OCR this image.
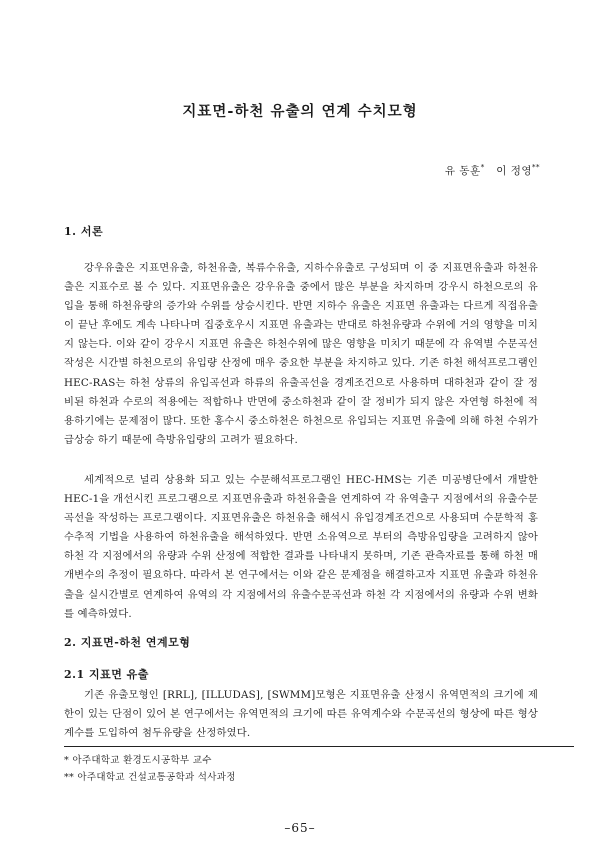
지표면-하천 유출의 연계 수치모형
유 동훈* 이 정영**
1. 서론

강우유출은 지표면유출, 하천유출, 복류수유출, 지하수유출로 구성되며 이 중 지표면유출과 하천유출은 지표수로 볼 수 있다. 지표면유출은 강우유출 중에서 많은 부분을 차지하며 강우시 하천으로의 유입을 통해 하천유량의 증가와 수위를 상승시킨다. 반면 지하수 유출은 지표면 유출과는 다르게 직접유출이 끝난 후에도 계속 나타나며 집중호우시 지표면 유출과는 반대로 하천유량과 수위에 거의 영향을 미치지 않는다. 이와 같이 강우시 지표면 유출은 하천수위에 많은 영향을 미치기 때문에 각 유역별 수문곡선 작성은 시간별 하천으로의 유입량 산정에 매우 중요한 부분을 차지하고 있다. 기존 하천 해석프로그램인 HEC-RAS는 하천 상류의 유입곡선과 하류의 유출곡선을 경계조건으로 사용하며 대하천과 같이 잘 정비된 하천과 수로의 적용에는 적합하나 반면에 중소하천과 같이 잘 정비가 되지 않은 자연형 하천에 적용하기에는 문제점이 많다. 또한 홍수시 중소하천은 하천으로 유입되는 지표면 유출에 의해 하천 수위가 급상승 하기 때문에 측방유입량의 고려가 필요하다.

세계적으로 널리 상용화 되고 있는 수문해석프로그램인 HEC-HMS는 기존 미공병단에서 개발한 HEC-1을 개선시킨 프로그램으로 지표면유출과 하천유출을 연계하여 각 유역출구 지점에서의 유출수문곡선을 작성하는 프로그램이다. 지표면유출은 하천유출 해석시 유입경계조건으로 사용되며 수문학적 홍수추적 기법을 사용하여 하천유출을 해석하였다. 반면 소유역으로 부터의 측방유입량을 고려하지 않아 하천 각 지점에서의 유량과 수위 산정에 적합한 결과를 나타내지 못하며, 기존 관측자료를 통해 하천 매개변수의 추정이 필요하다. 따라서 본 연구에서는 이와 같은 문제점을 해결하고자 지표면 유출과 하천유출을 실시간별로 연계하여 유역의 각 지점에서의 유출수문곡선과 하천 각 지점에서의 유량과 수위 변화를 예측하였다.

2. 지표면-하천 연계모형
2.1 지표면 유출

기존 유출모형인 [RRL], [ILLUDAS], [SWMM]모형은 지표면유출 산정시 유역면적의 크기에 제한이 있는 단점이 있어 본 연구에서는 유역면적의 크기에 따른 유역계수와 수문곡선의 형상에 따른 형상계수를 도입하여 첨두유량을 산정하였다.

* 아주대학교 환경도시공학부 교수
** 아주대학교 건설교통공학과 석사과정
–65–
